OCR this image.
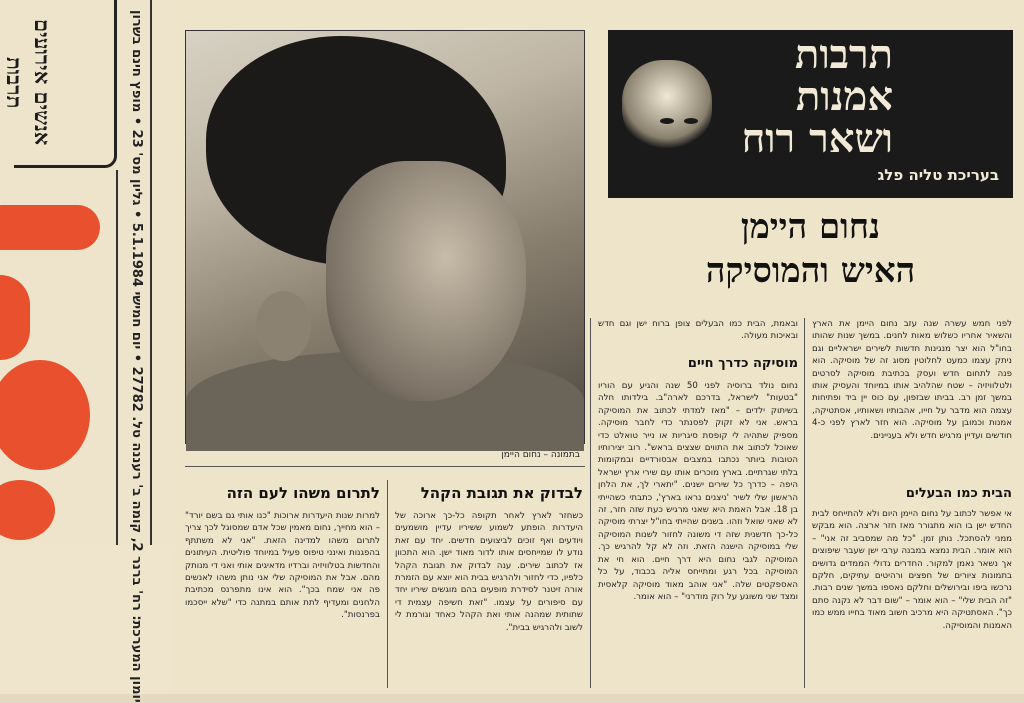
אנשים אירועים תרבות	יומון המערכת: רח' ברנר 2, קומה ב' רעננה טל. 27782 • יום חמישי 5.1.1984 • גליון מס' 23 • מופץ חינם בשרון
בתמונה – נחום היימן
תרבות
אמנות
ושאר רוח
בעריכת טליה פלג
נחום היימן
האיש והמוסיקה
לפני חמש עשרה שנה עזב נחום היימן את הארץ והשאיר אחריו כשלוש מאות לחנים. במשך שנות שהותו בחו"ל הוא יצר מנגינות חדשות לשירים ישראליים וגם ניתק עצמו כמעט לחלוטין מסוג זה של מוסיקה. הוא פנה לתחום חדש ועסק בכתיבת מוסיקה לסרטים ולטלוויזיה – שטח שהלהיב אותו במיוחד והעסיק אותו במשך זמן רב. בביתו שבזפון, עם כוס יין ביד ופתיחות עצמה הוא מדבר על חייו, אהבותיו ושאותיו, אסתטיקה, אמנות וכמובן על מוסיקה. הוא חזר לארץ לפני כ-4 חודשים ועדיין מרגיש חדש ולא בעניינים.
הבית כמו הבעלים
אי אפשר לכתוב על נחום היימן היום ולא להתייחס לבית החדש ישן בו הוא מתגורר מאז חזר ארצה. הוא מבקש ממני להסתכל. נותן זמן. "כל מה שמסביב זה אני" – הוא אומר. הבית נמצא במבנה ערבי ישן שעבר שיפוצים אך נשאר נאמן למקור. החדרים גדולי הממדים גדושים בתמונות ציורים של חפצים ורהיטים עתיקים, חלקם נרכשו ביפו ובירושלים וחלקם נאספו במשך שנים רבות. "זה הבית שלי" – הוא אומר – "שום דבר לא נקנה סתם כך". האסתטיקה היא מרכיב חשוב מאוד בחייו ממש כמו האמנות והמוסיקה.
ובאמת, הבית כמו הבעלים צופן ברוח ישן וגם חדש ובאיכות מעולה.
מוסיקה כדרך חיים
נחום נולד ברוסיה לפני 50 שנה והגיע עם הוריו "בטעות" לישראל, בדרכם לארה"ב. בילדותו חלה בשיתוק ילדים – "מאז למדתי לכתוב את המוסיקה בראש. אני לא זקוק לפסנתר כדי לחבר מוסיקה. מספיק שתהיה לי קופסת סיגריות או נייר טואלט כדי שאוכל לכתוב את התווים שצצים בראש". רוב יצירותיו הטובות ביותר נכתבו במצבים אבסורדיים ובמקומות בלתי שגרתיים. בארץ מוכרים אותו עם שירי ארץ ישראל היפה – כדרך כל שירים ישנים. "יתארי לך, את הלחן הראשון שלי לשיר 'ניצנים נראו בארץ', כתבתי כשהייתי בן 18. אבל האמת היא שאני מרגיש כעת שזה חזר, זה לא שאני שואל וזהו. בשנים שהייתי בחו"ל יצרתי מוסיקה כל-כך חדשנית שזה די משונה לחזור לשנות המוסיקה שלי במוסיקה הישנה הזאת. וזה לא קל להרגיש כך. המוסיקה לגבי נחום היא דרך חיים. הוא חי את המוסיקה בכל רגע ומתייחס אליה בכבוד, על כל האספקטים שלה. "אני אוהב מאוד מוסיקה קלאסית ומצד שני משוגע על רוק מודרני" – הוא אומר.
לבדוק את תגובת הקהל
כשחזר לארץ לאחר תקופה כל-כך ארוכה של היעדרות הופתע לשמוע ששיריו עדיין מושמעים ויודעים ואף זוכים לביצועים חדשים. יחד עם זאת נודע לו שמייחסים אותו לדור מאוד ישן. הוא התכוון אז לכתוב שירים. ענה לבדוק את תגובת הקהל כלפיו, כדי לחזור ולהרגיש בבית הוא יוצא עם הזמרת אורה זיטנר לסידרת מופעים בהם מוגשים שיריו יחד עם סיפורים על עצמו. "זאת חשיפה עצמית די שתותית שמהנה אותי ואת הקהל כאחד וגורמת לי לשוב ולהרגיש בבית".
לתרום משהו לעם הזה
למרות שנות היעדרות ארוכות "כנו אותי גם בשם יורד" – הוא מחייך, נחום מאמין שכל אדם שמסוגל לכך צריך לתרום משהו למדינה הזאת. "אני לא משתתף בהפגנות ואינני טיפוס פעיל במיוחד פוליטית. העיתונים והחדשות בטלוויזיה וברדיו מדאיגים אותי ואני די מנותק מהם. אבל את המוסיקה שלי אני נותן משהו לאנשים פה אני שמח בכך". הוא אינו מתפרנס מכתיבת הלחנים ומעדיף לתת אותם במתנה כדי "שלא ייסכמו בפרנסות".
